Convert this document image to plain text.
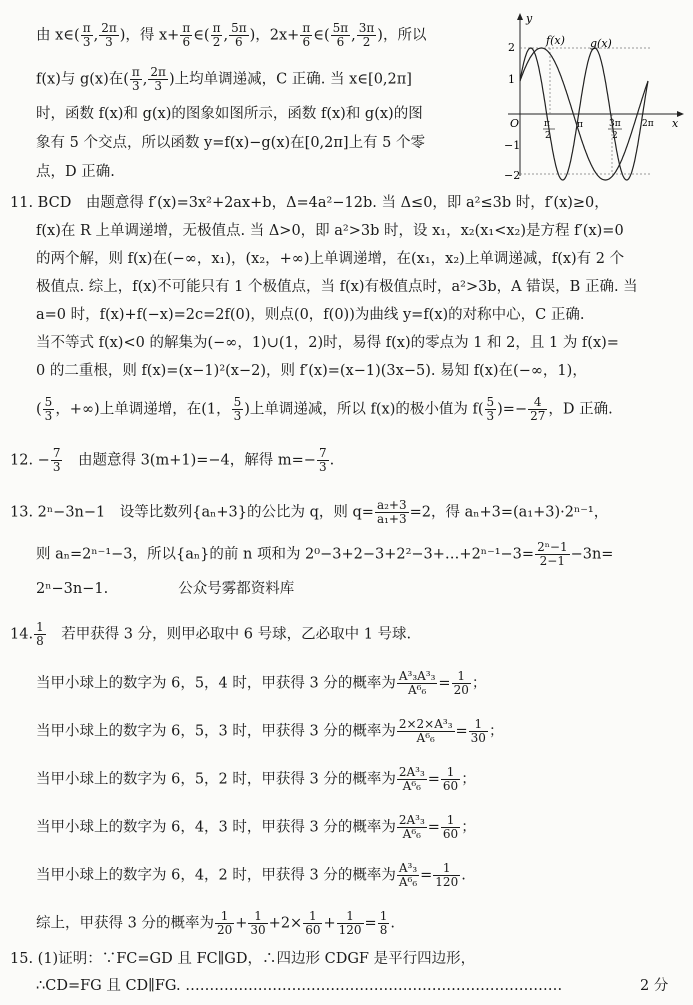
由 x∈( $\frac{\pi}{3}$ , $\frac{2\pi}{3}$ )，得 $x+ \frac{\pi}{6}$ ∈( $\frac{\pi}{2}$ , $\frac{5\pi}{6}$ )，$2x+ \frac{\pi}{6}$ ∈( $\frac{5\pi}{6}$ , $\frac{3\pi}{2}$ )，所以
f(x)与 g(x)在( $\frac{\pi}{3}$ , $\frac{2\pi}{3}$ )上均单调递减，C 正确. 当 x∈[0,2π]
时，函数 f(x)和 g(x)的图象如图所示，函数 f(x)和 g(x)的图
象有 5 个交点，所以函数 y=f(x)−g(x)在[0,2π]上有 5 个零
点，D 正确.
y
x
O
2
1
−1
−2
π
2
π	3π
2
2π
f(x) g(x)
11. BCD　由题意得 f′(x)=3x²+2ax+b，Δ=4a²−12b. 当 Δ≤0，即 a²≤3b 时，f′(x)≥0，
f(x)在 R 上单调递增，无极值点. 当 Δ>0，即 a²>3b 时，设 x₁，x₂(x₁<x₂)是方程 f′(x)=0
的两个解，则 f(x)在(−∞，x₁)，(x₂，+∞)上单调递增，在(x₁，x₂)上单调递减，f(x)有 2 个
极值点. 综上，f(x)不可能只有 1 个极值点，当 f(x)有极值点时，a²>3b，A 错误，B 正确. 当
a=0 时，f(x)+f(−x)=2c=2f(0)，则点(0，f(0))为曲线 y=f(x)的对称中心，C 正确.
当不等式 f(x)<0 的解集为(−∞，1)∪(1，2)时，易得 f(x)的零点为 1 和 2，且 1 为 f(x)=
0 的二重根，则 f(x)=(x−1)²(x−2)，则 f′(x)=(x−1)(3x−5). 易知 f(x)在(−∞，1)，
( $\frac{5}{3}$ ，+∞)上单调递增，在(1， $\frac{5}{3}$ )上单调递减，所以 f(x)的极小值为 $f( \frac{5}{3}$ )=− $\frac{4}{27}$ ，D 正确.
12. − $\frac{7}{3}$ 　由题意得 3(m+1)=−4，解得 $m=- \frac{7}{3}$ .
13. 2ⁿ−3n−1　设等比数列{aₙ+3}的公比为 q，则 $q= \frac{\text{a₂+3}}{\text{a₁+3}} =2$，得 aₙ+3=(a₁+3)·2ⁿ⁻¹，
则 aₙ=2ⁿ⁻¹−3，所以{aₙ}的前 n 项和为 2⁰−3+2−3+2²−3+…+2ⁿ⁻¹−3= $\frac{\text{2ⁿ−1}}{2-1} -3n=$
2ⁿ−3n−1.	公众号雾都资料库
14. $\frac{1}{8}$ 　若甲获得 3 分，则甲必取中 6 号球，乙必取中 1 号球.
当甲小球上的数字为 6，5，4 时，甲获得 3 分的概率为 $\frac{\text{A³₃A³₃}}{\text{A⁶₆}} = \frac{1}{20}$ ；
当甲小球上的数字为 6，5，3 时，甲获得 3 分的概率为 $\frac{\text{2×2×A³₃}}{\text{A⁶₆}} = \frac{1}{30}$ ；
当甲小球上的数字为 6，5，2 时，甲获得 3 分的概率为 $\frac{\text{2A³₃}}{\text{A⁶₆}} = \frac{1}{60}$ ；
当甲小球上的数字为 6，4，3 时，甲获得 3 分的概率为 $\frac{\text{2A³₃}}{\text{A⁶₆}} = \frac{1}{60}$ ；
当甲小球上的数字为 6，4，2 时，甲获得 3 分的概率为 $\frac{\text{A³₃}}{\text{A⁶₆}} = \frac{1}{120}$ .
综上，甲获得 3 分的概率为 $\frac{1}{20} + \frac{1}{30} +2\times \frac{1}{60} + \frac{1}{120} = \frac{1}{8}$ .
15. (1)证明：∵FC=GD 且 FC∥GD，∴四边形 CDGF 是平行四边形，
∴CD=FG 且 CD∥FG. ……………………………………………………………………	2 分
